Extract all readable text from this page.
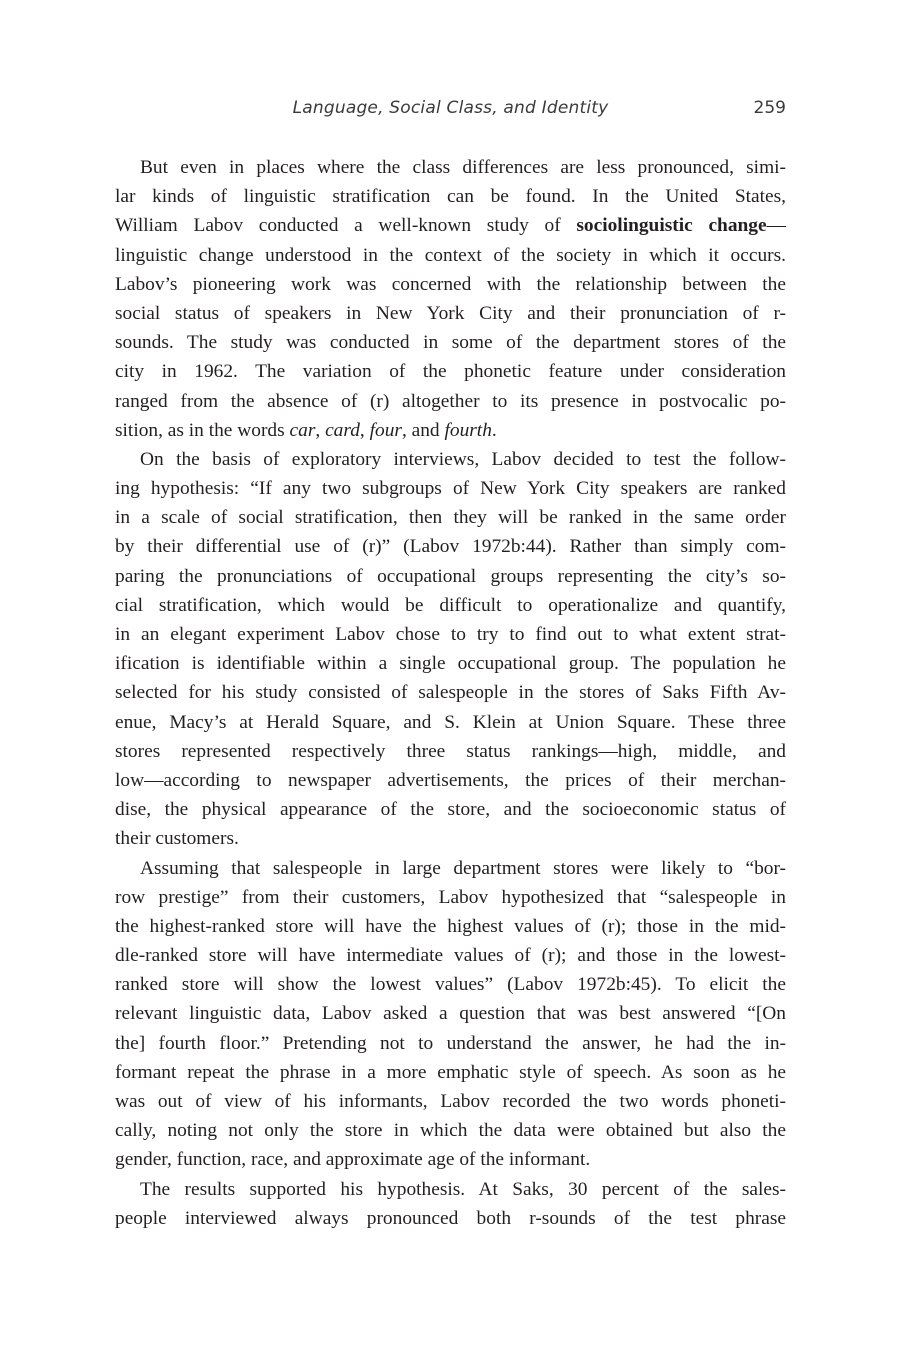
Language, Social Class, and Identity	259
But even in places where the class differences are less pronounced, simi-
lar kinds of linguistic stratification can be found. In the United States,
William Labov conducted a well-known study of sociolinguistic change—
linguistic change understood in the context of the society in which it occurs.
Labov’s pioneering work was concerned with the relationship between the
social status of speakers in New York City and their pronunciation of r-
sounds. The study was conducted in some of the department stores of the
city in 1962. The variation of the phonetic feature under consideration
ranged from the absence of (r) altogether to its presence in postvocalic po-
sition, as in the words car, card, four, and fourth.
On the basis of exploratory interviews, Labov decided to test the follow-
ing hypothesis: “If any two subgroups of New York City speakers are ranked
in a scale of social stratification, then they will be ranked in the same order
by their differential use of (r)” (Labov 1972b:44). Rather than simply com-
paring the pronunciations of occupational groups representing the city’s so-
cial stratification, which would be difficult to operationalize and quantify,
in an elegant experiment Labov chose to try to find out to what extent strat-
ification is identifiable within a single occupational group. The population he
selected for his study consisted of salespeople in the stores of Saks Fifth Av-
enue, Macy’s at Herald Square, and S. Klein at Union Square. These three
stores represented respectively three status rankings—high, middle, and
low—according to newspaper advertisements, the prices of their merchan-
dise, the physical appearance of the store, and the socioeconomic status of
their customers.
Assuming that salespeople in large department stores were likely to “bor-
row prestige” from their customers, Labov hypothesized that “salespeople in
the highest-ranked store will have the highest values of (r); those in the mid-
dle-ranked store will have intermediate values of (r); and those in the lowest-
ranked store will show the lowest values” (Labov 1972b:45). To elicit the
relevant linguistic data, Labov asked a question that was best answered “[On
the] fourth floor.” Pretending not to understand the answer, he had the in-
formant repeat the phrase in a more emphatic style of speech. As soon as he
was out of view of his informants, Labov recorded the two words phoneti-
cally, noting not only the store in which the data were obtained but also the
gender, function, race, and approximate age of the informant.
The results supported his hypothesis. At Saks, 30 percent of the sales-
people interviewed always pronounced both r-sounds of the test phrase
